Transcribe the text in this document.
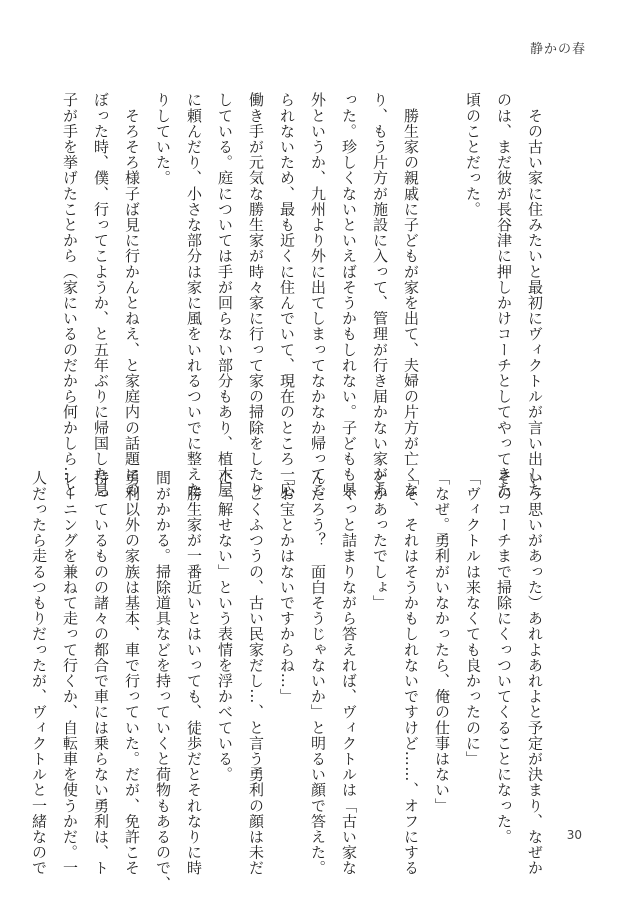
静かの春
　その古い家に住みたいと最初にヴィクトルが言い出した
のは、まだ彼が長谷津に押しかけコーチとしてやってきた
頃のことだった。
　勝生家の親戚に子どもが家を出て、夫婦の片方が亡くな
り、もう片方が施設に入って、管理が行き届かない家があ
った。珍しくないといえばそうかもしれない。子どもも県
外というか、九州より外に出てしまってなかなか帰ってこ
られないため、最も近くに住んでいて、現在のところ一応
働き手が元気な勝生家が時々家に行って家の掃除をしたり
している。庭については手が回らない部分もあり、植木屋
に頼んだり、小さな部分は家に風をいれるついでに整えた
りしていた。
　そろそろ様子ば見に行かんとねえ、と家庭内の話題にの
ぼった時、僕、行ってこようか、と五年ぶりに帰国した息
子が手を挙げたことから（家にいるのだから何かしら…と
いう思いがあった）あれよあれよと予定が決まり、なぜか
そのコーチまで掃除にくっついてくることになった。
「ヴィクトルは来なくても良かったのに」
「なぜ。勇利がいなかったら、俺の仕事はない」
「そ、それはそうかもしれないですけど……、オフにする
とかあったでしょ」
　ぐっと詰まりながら答えれば、ヴィクトルは「古い家な
んだろう？　面白そうじゃないか」と明るい顔で答えた。
「お宝とかはないですからね…」
　ごくふつうの、古い民家だし…、と言う勇利の顔は未だ
に「解せない」という表情を浮かべている。
　勝生家が一番近いとはいっても、徒歩だとそれなりに時
間がかかる。掃除道具などを持っていくと荷物もあるので、
勇利以外の家族は基本、車で行っていた。だが、免許こそ
持っているものの諸々の都合で車には乗らない勇利は、ト
レーニングを兼ねて走って行くか、自転車を使うかだ。一
人だったら走るつもりだったが、ヴィクトルと一緒なので	30
